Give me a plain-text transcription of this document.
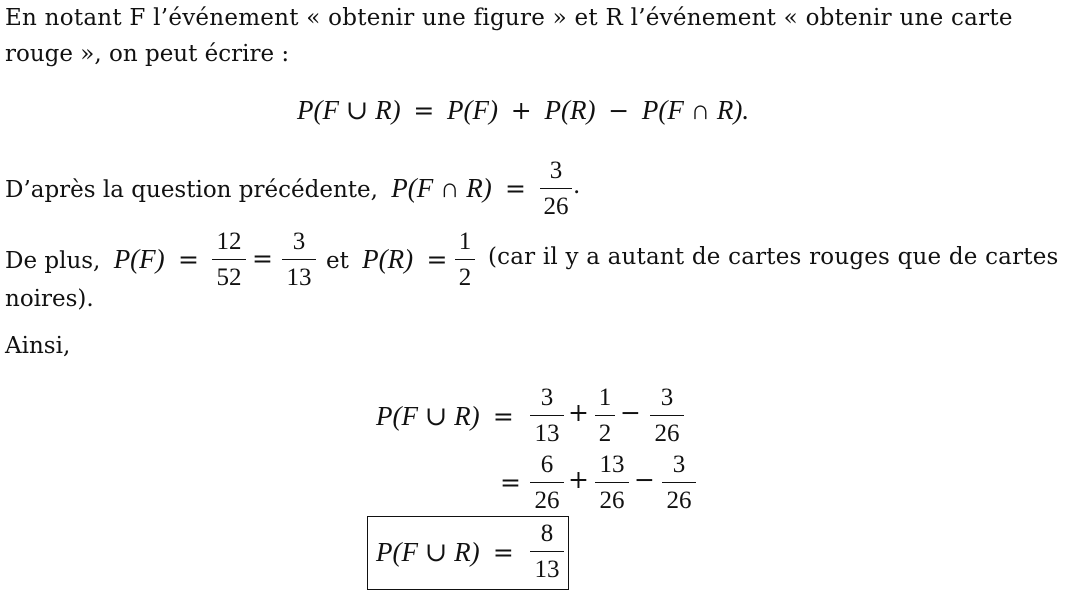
En notant F l’événement « obtenir une figure » et R l’événement « obtenir une carte
rouge », on peut écrire :
P(F ∪ R) = P(F) + P(R) − P(F ∩ R).
D’après la question précédente, P(F ∩ R) =
3
26
.
De plus, P(F) =
12
52
=
3
13
et P(R) =
1
2
(car il y a autant de cartes rouges que de cartes
noires).
Ainsi,
P(F ∪ R) =
3
13
+
1
2
−
3
26
=
6
26
+
13
26
−
3
26
P(F ∪ R) =
8
13
